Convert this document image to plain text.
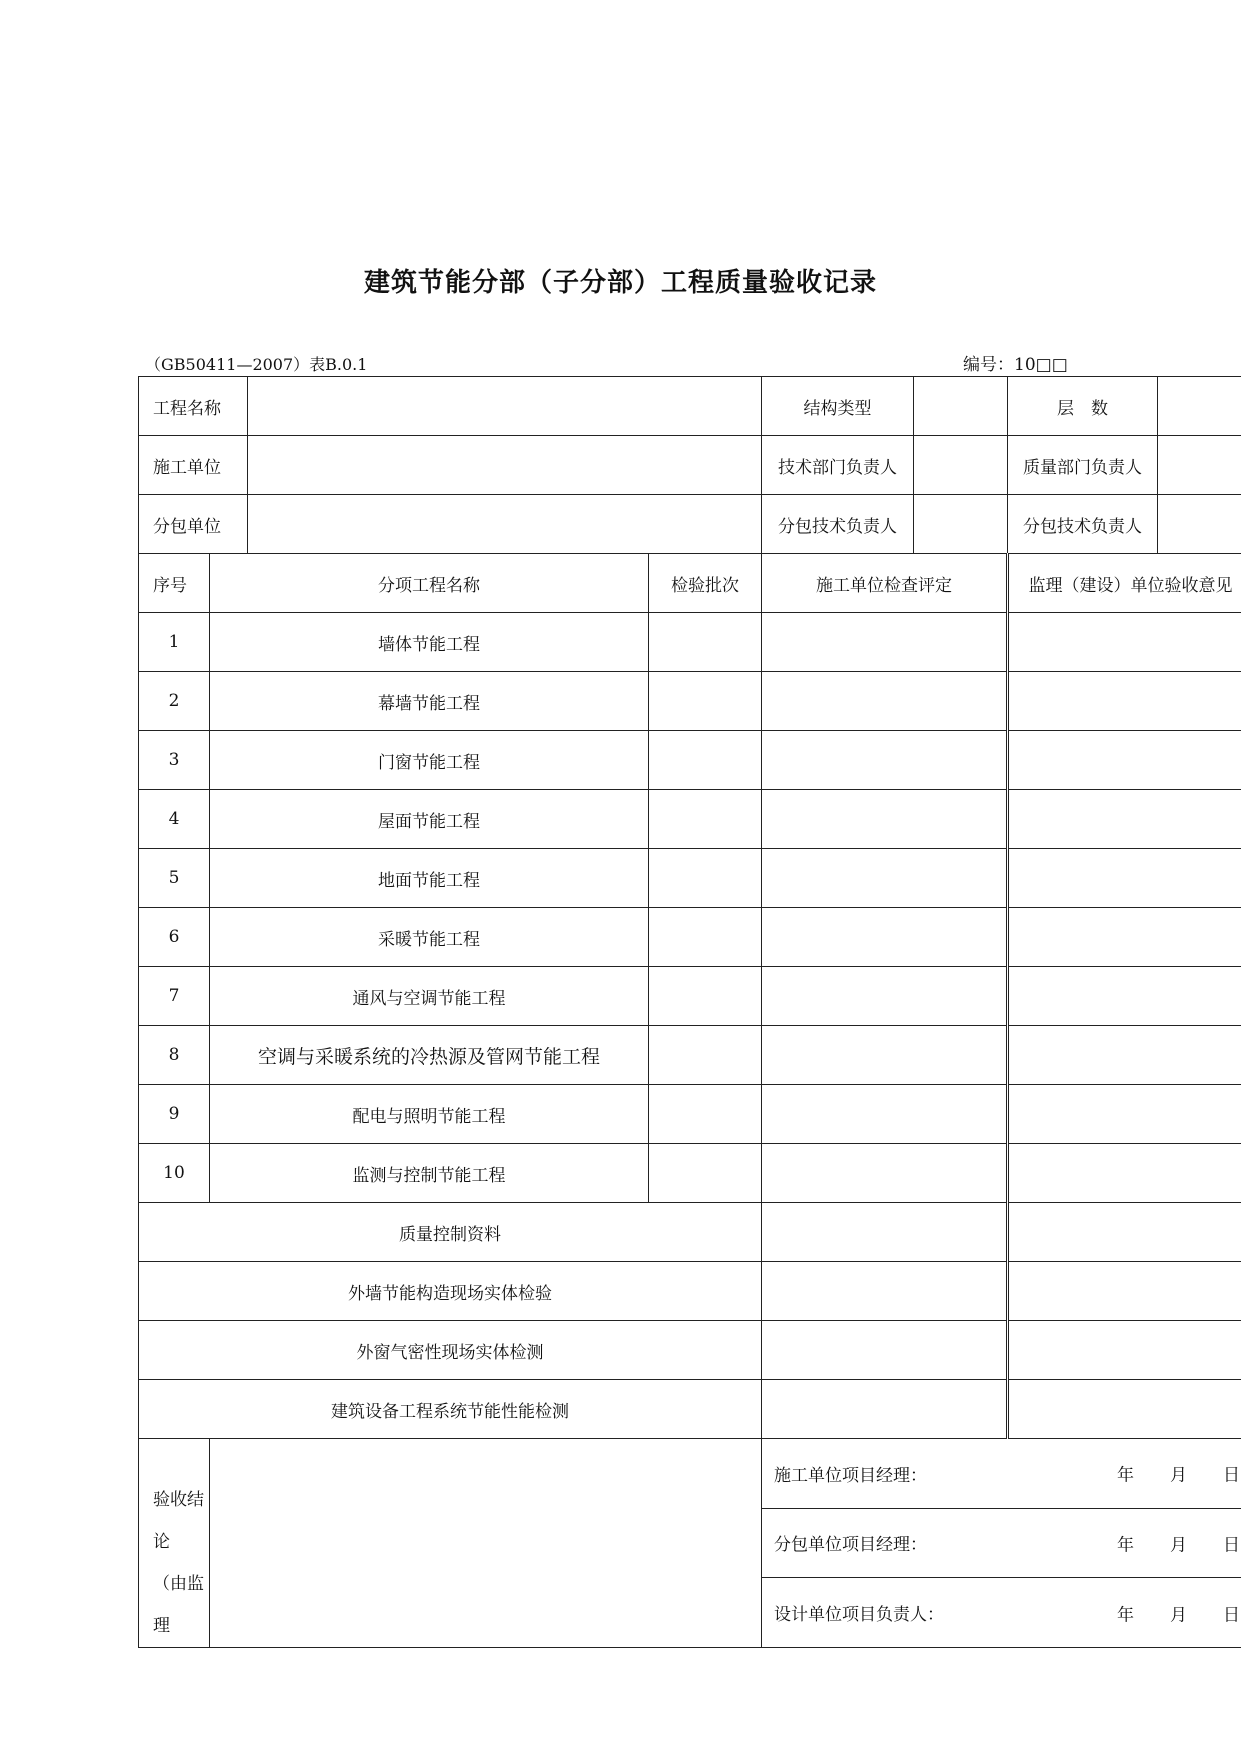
建筑节能分部（子分部）工程质量验收记录
（GB50411—2007）表B.0.1	编号：10□□
工程名称				结构类型		层　数	
施工单位				技术部门负责人		质量部门负责人	
分包单位				分包技术负责人		分包技术负责人	
序号	分项工程名称		检验批次	施工单位检查评定		监理（建设）单位验收意见	
1	墙体节能工程						
2	幕墙节能工程						
3	门窗节能工程						
4	屋面节能工程						
5	地面节能工程						
6	采暖节能工程						
7	通风与空调节能工程						
8	空调与采暖系统的冷热源及管网节能工程						
9	配电与照明节能工程						
10	监测与控制节能工程						
质量控制资料							
外墙节能构造现场实体检验							
外窗气密性现场实体检测							
建筑设备工程系统节能性能检测							

验收结论
（由监理				施工单位项目经理： 年 月 日			

				分包单位项目经理： 年 月 日			

				设计单位项目负责人： 年 月 日			
